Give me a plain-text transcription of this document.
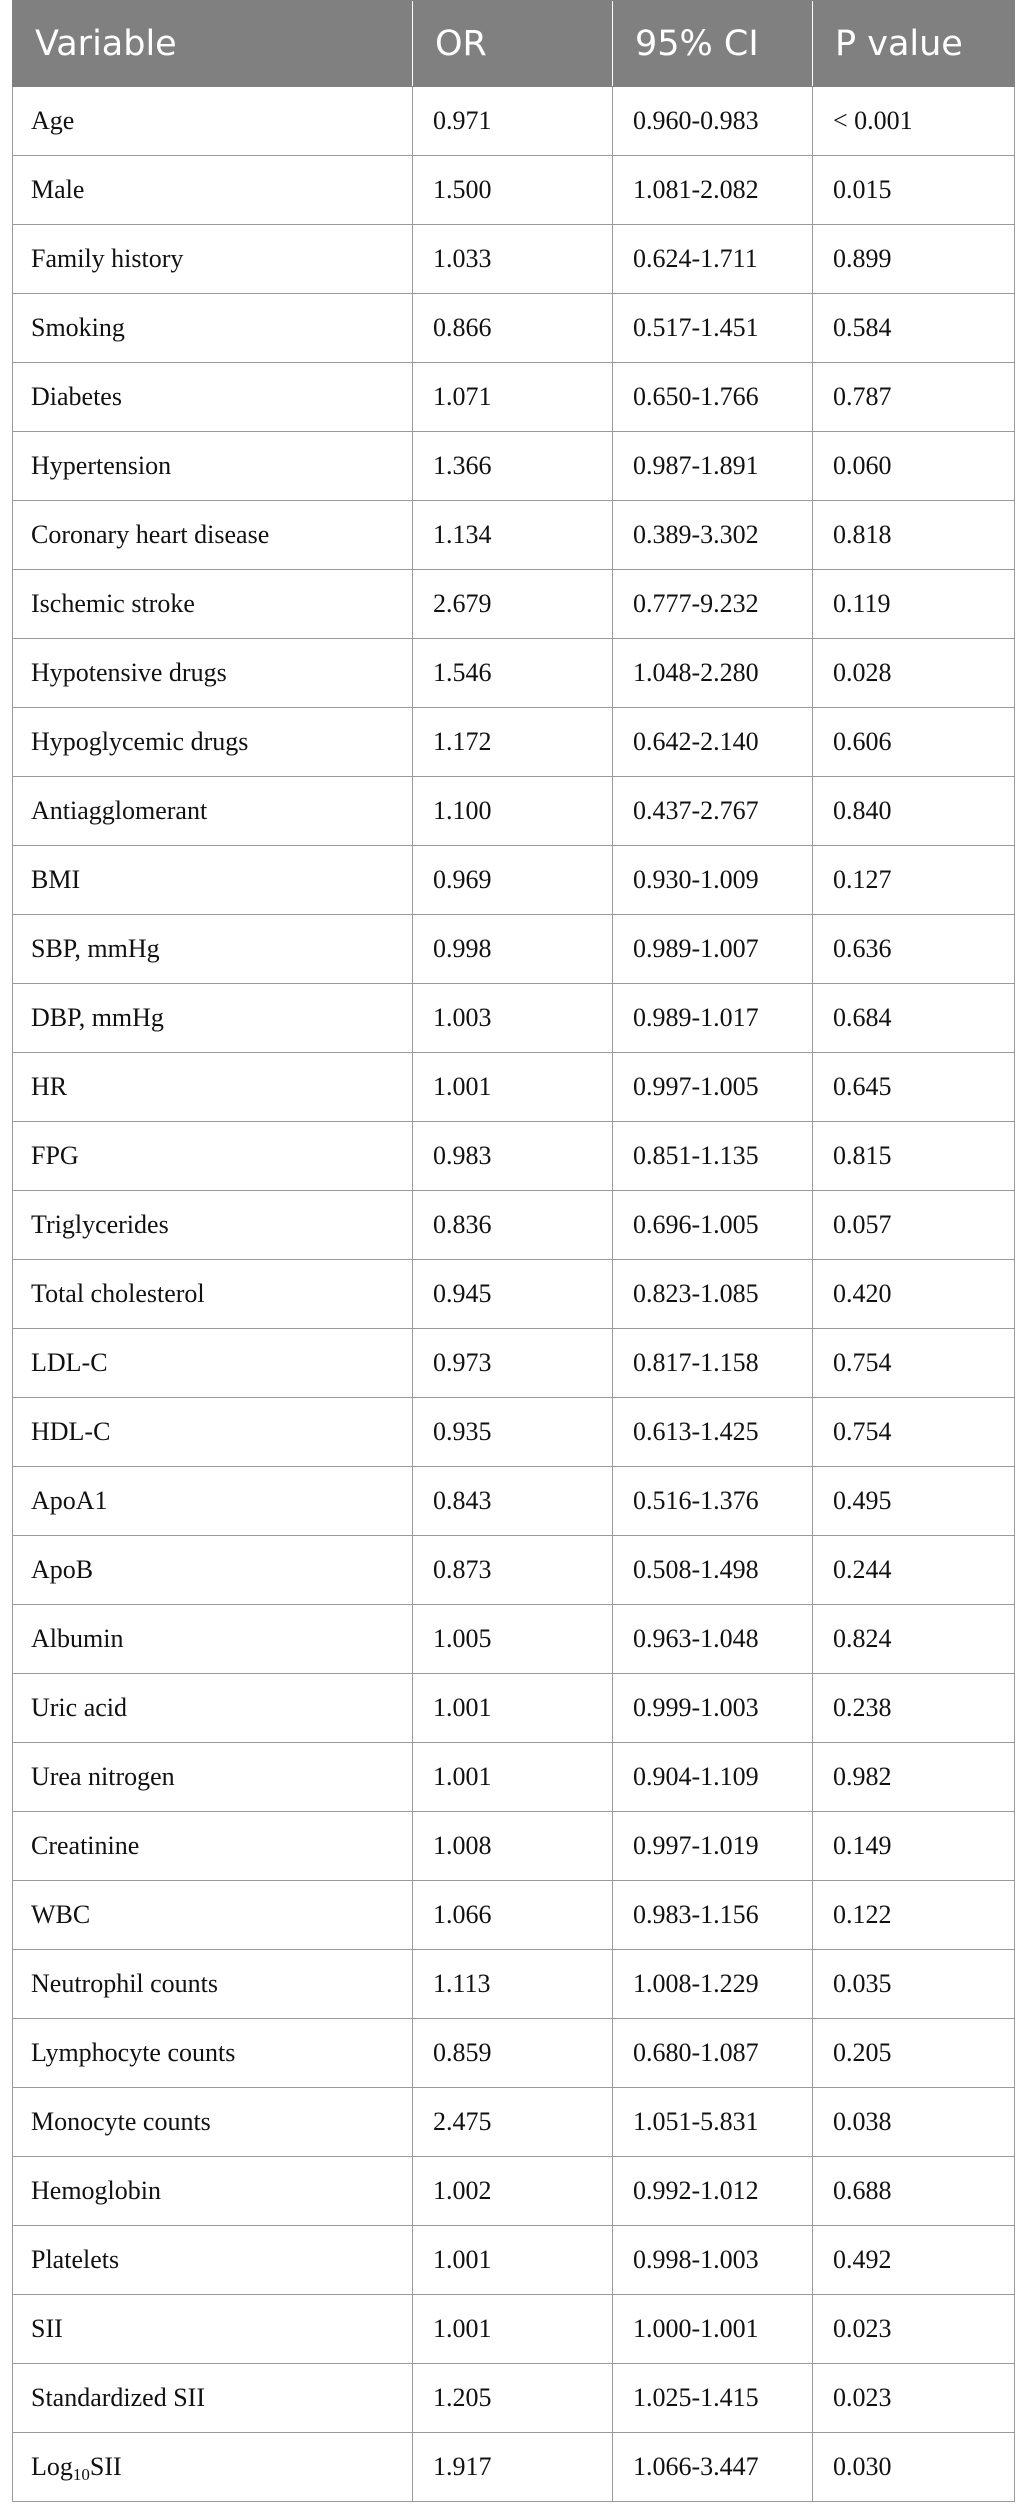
Variable	OR	95% CI	P value
Age	0.971	0.960-0.983	< 0.001
Male	1.500	1.081-2.082	0.015
Family history	1.033	0.624-1.711	0.899
Smoking	0.866	0.517-1.451	0.584
Diabetes	1.071	0.650-1.766	0.787
Hypertension	1.366	0.987-1.891	0.060
Coronary heart disease	1.134	0.389-3.302	0.818
Ischemic stroke	2.679	0.777-9.232	0.119
Hypotensive drugs	1.546	1.048-2.280	0.028
Hypoglycemic drugs	1.172	0.642-2.140	0.606
Antiagglomerant	1.100	0.437-2.767	0.840
BMI	0.969	0.930-1.009	0.127
SBP, mmHg	0.998	0.989-1.007	0.636
DBP, mmHg	1.003	0.989-1.017	0.684
HR	1.001	0.997-1.005	0.645
FPG	0.983	0.851-1.135	0.815
Triglycerides	0.836	0.696-1.005	0.057
Total cholesterol	0.945	0.823-1.085	0.420
LDL-C	0.973	0.817-1.158	0.754
HDL-C	0.935	0.613-1.425	0.754
ApoA1	0.843	0.516-1.376	0.495
ApoB	0.873	0.508-1.498	0.244
Albumin	1.005	0.963-1.048	0.824
Uric acid	1.001	0.999-1.003	0.238
Urea nitrogen	1.001	0.904-1.109	0.982
Creatinine	1.008	0.997-1.019	0.149
WBC	1.066	0.983-1.156	0.122
Neutrophil counts	1.113	1.008-1.229	0.035
Lymphocyte counts	0.859	0.680-1.087	0.205
Monocyte counts	2.475	1.051-5.831	0.038
Hemoglobin	1.002	0.992-1.012	0.688
Platelets	1.001	0.998-1.003	0.492
SII	1.001	1.000-1.001	0.023
Standardized SII	1.205	1.025-1.415	0.023
Log$_{10}$SII	1.917	1.066-3.447	0.030
